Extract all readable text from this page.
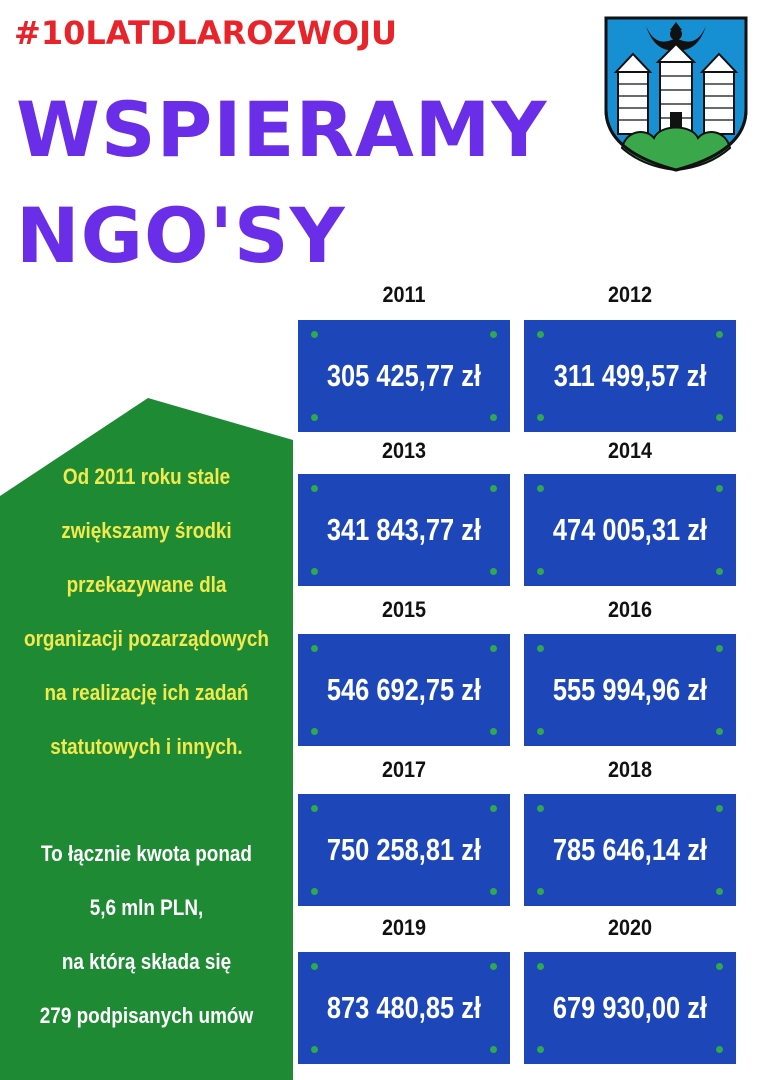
#10LATDLAROZWOJU
WSPIERAMY
NGO'SY
Od 2011 roku stale
zwiększamy środki
przekazywane dla
organizacji pozarządowych
na realizację ich zadań
statutowych i innych.
To łącznie kwota ponad
5,6 mln PLN,
na którą składa się
279 podpisanych umów
2011	2012
305 425,77 zł 311 499,57 zł
2013	2014
341 843,77 zł 474 005,31 zł
2015	2016
546 692,75 zł 555 994,96 zł
2017	2018
750 258,81 zł 785 646,14 zł
2019	2020
873 480,85 zł 679 930,00 zł
